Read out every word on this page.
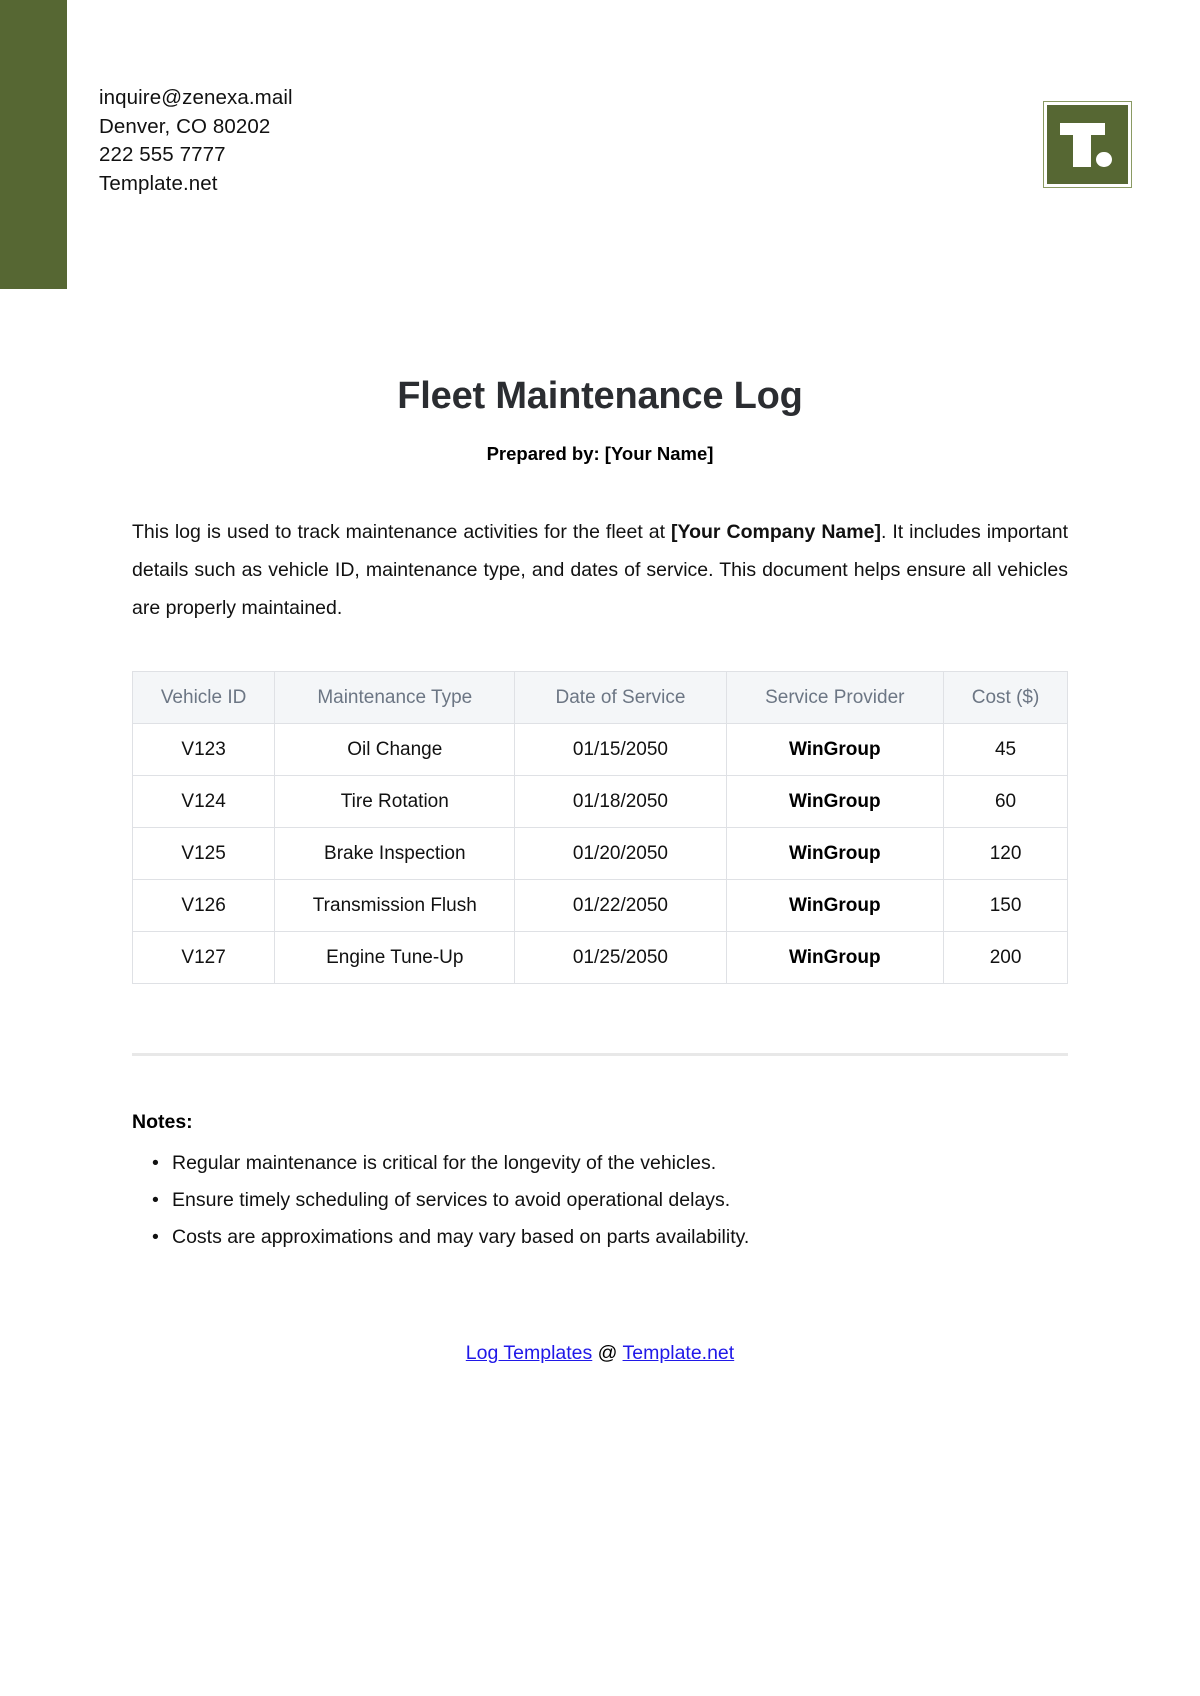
inquire@zenexa.mail
Denver, CO 80202
222 555 7777
Template.net
Fleet Maintenance Log

Prepared by: [Your Name]

This log is used to track maintenance activities for the fleet at [Your Company Name]. It includes important details such as vehicle ID, maintenance type, and dates of service. This document helps ensure all vehicles are properly maintained.

Vehicle ID	Maintenance Type	Date of Service	Service Provider	Cost ($)
V123	Oil Change	01/15/2050	WinGroup	45
V124	Tire Rotation	01/18/2050	WinGroup	60
V125	Brake Inspection	01/20/2050	WinGroup	120
V126	Transmission Flush	01/22/2050	WinGroup	150
V127	Engine Tune-Up	01/25/2050	WinGroup	200

Notes:

• Regular maintenance is critical for the longevity of the vehicles.
• Ensure timely scheduling of services to avoid operational delays.
• Costs are approximations and may vary based on parts availability.
Log Templates @ Template.net
